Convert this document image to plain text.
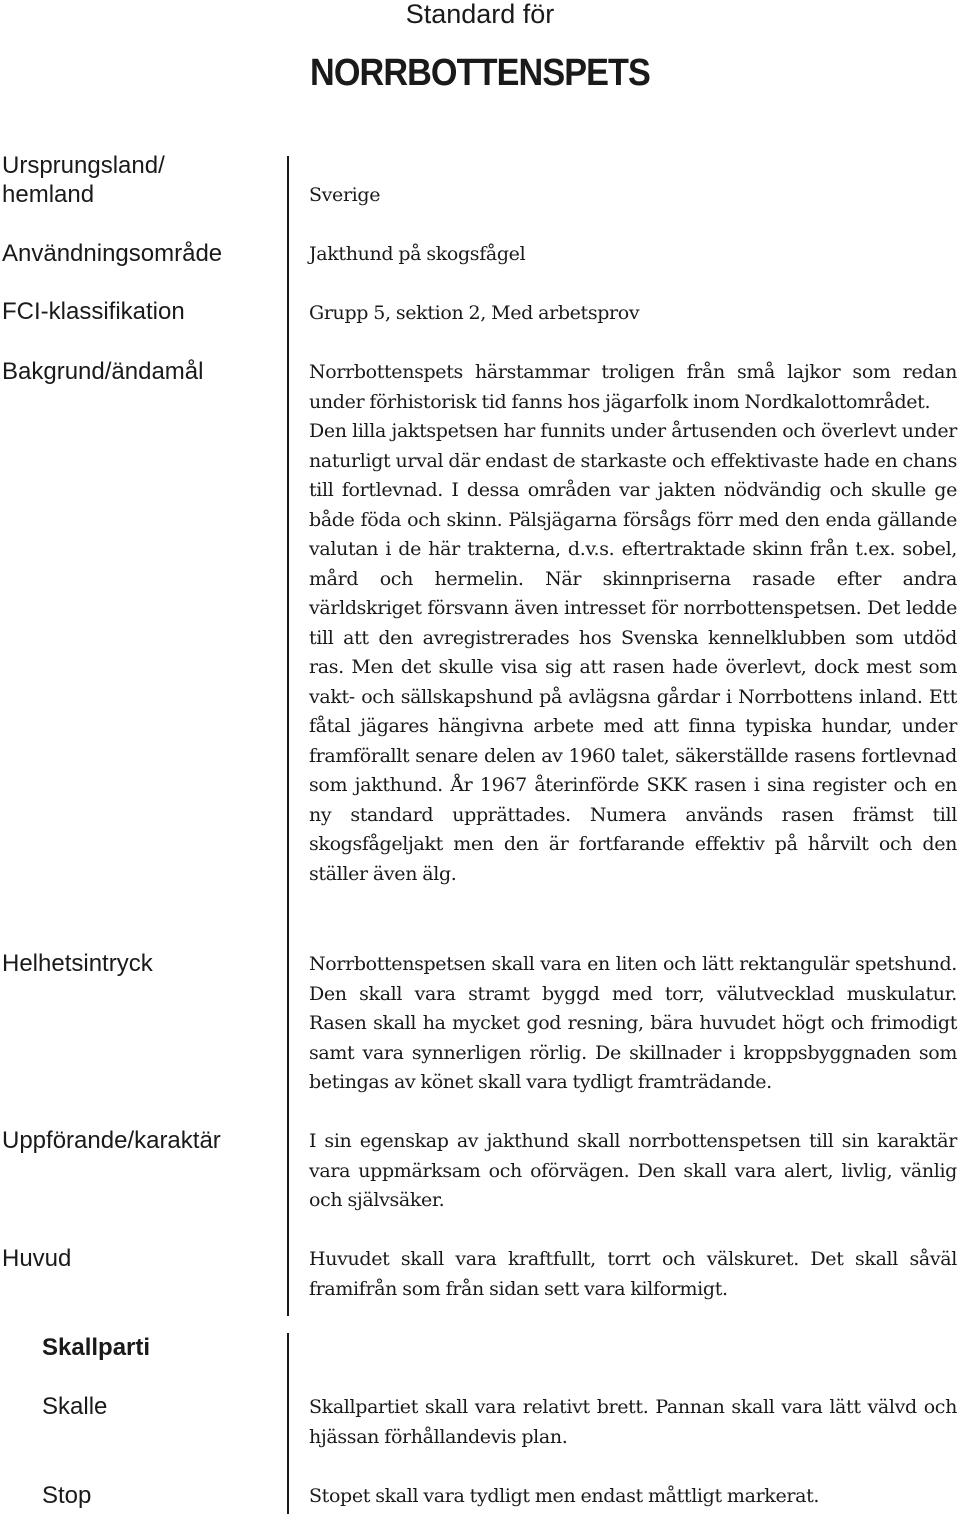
Standard för
NORRBOTTENSPETS
Ursprungsland/
hemland
Användningsområde
FCI-klassifikation
Bakgrund/ändamål
Helhetsintryck
Uppförande/karaktär
Huvud
Skallparti
Skalle
Stop

Sverige

Jakthund på skogsfågel

Grupp 5, sektion 2, Med arbetsprov

Norrbottenspets härstammar troligen från små lajkor som redan under förhistorisk tid fanns hos jägarfolk inom Nordkalottområdet.
Den lilla jaktspetsen har funnits under årtusenden och överlevt under naturligt urval där endast de starkaste och effektivaste hade en chans till fortlevnad. I dessa områden var jakten nödvändig och skulle ge både föda och skinn. Pälsjägarna försågs förr med den enda gällande valutan i de här trakterna, d.v.s. eftertraktade skinn från t.ex. sobel, mård och hermelin. När skinnpriserna rasade efter andra världskriget försvann även intresset för norrbottenspetsen. Det ledde till att den avregistrerades hos Svenska kennelklubben som utdöd ras. Men det skulle visa sig att rasen hade överlevt, dock mest som vakt- och sällskapshund på avlägsna gårdar i Norrbottens inland. Ett fåtal jägares hängivna arbete med att finna typiska hundar, under framförallt senare delen av 1960 talet, säkerställde rasens fortlevnad som jakthund. År 1967 återinförde SKK rasen i sina register och en ny standard upprättades. Numera används rasen främst till skogsfågeljakt men den är fortfarande effektiv på hårvilt och den ställer även älg.

Norrbottenspetsen skall vara en liten och lätt rektangulär spetshund. Den skall vara stramt byggd med torr, välutvecklad muskulatur. Rasen skall ha mycket god resning, bära huvudet högt och frimodigt samt vara synnerligen rörlig. De skillnader i kroppsbyggnaden som betingas av könet skall vara tydligt framträdande.

I sin egenskap av jakthund skall norrbottenspetsen till sin karaktär vara uppmärksam och oförvägen. Den skall vara alert, livlig, vänlig och självsäker.

Huvudet skall vara kraftfullt, torrt och välskuret. Det skall såväl framifrån som från sidan sett vara kilformigt.

Skallpartiet skall vara relativt brett. Pannan skall vara lätt välvd och hjässan förhållandevis plan.

Stopet skall vara tydligt men endast måttligt markerat.
